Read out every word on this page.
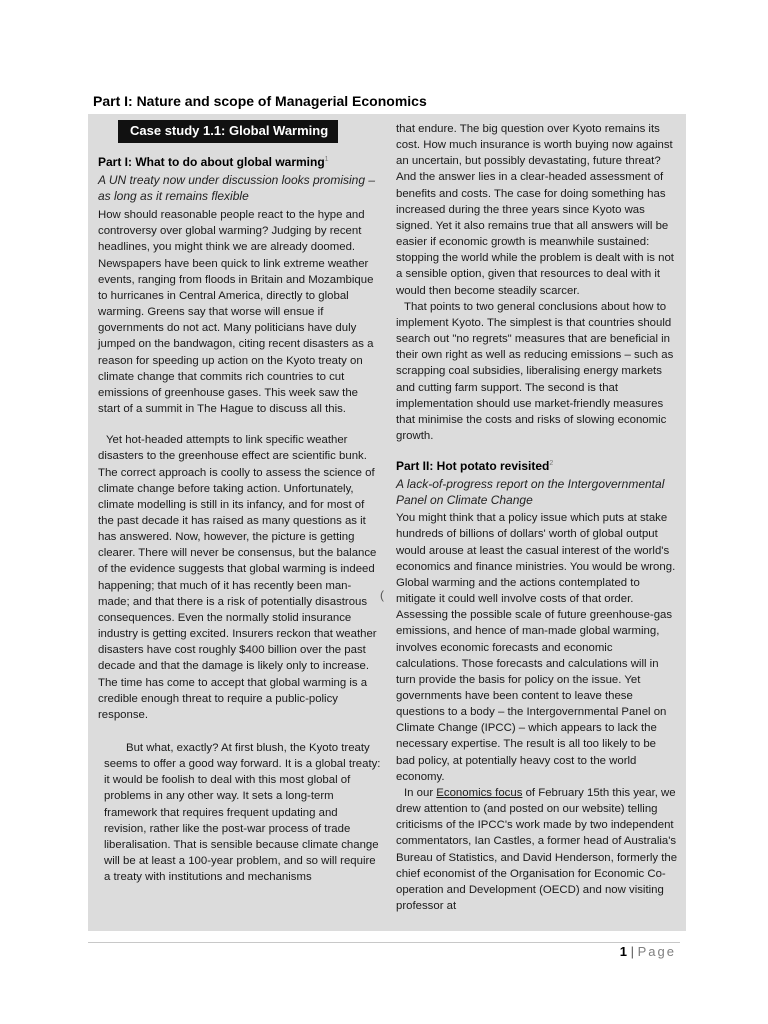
Part I: Nature and scope of Managerial Economics
Case study 1.1: Global Warming

Part I: What to do about global warming$^1$

A UN treaty now under discussion looks promising – as long as it remains flexible

How should reasonable people react to the hype and controversy over global warming? Judging by recent headlines, you might think we are already doomed. Newspapers have been quick to link extreme weather events, ranging from floods in Britain and Mozambique to hurricanes in Central America, directly to global warming. Greens say that worse will ensue if governments do not act. Many politicians have duly jumped on the bandwagon, citing recent disasters as a reason for speeding up action on the Kyoto treaty on climate change that commits rich countries to cut emissions of greenhouse gases. This week saw the start of a summit in The Hague to discuss all this.

Yet hot-headed attempts to link specific weather disasters to the greenhouse effect are scientific bunk. The correct approach is coolly to assess the science of climate change before taking action. Unfortunately, climate modelling is still in its infancy, and for most of the past decade it has raised as many questions as it has answered. Now, however, the picture is getting clearer. There will never be consensus, but the balance of the evidence suggests that global warming is indeed happening; that much of it has recently been man-made; and that there is a risk of potentially disastrous consequences. Even the normally stolid insurance industry is getting excited. Insurers reckon that weather disasters have cost roughly $400 billion over the past decade and that the damage is likely only to increase. The time has come to accept that global warming is a credible enough threat to require a public-policy response.

But what, exactly? At first blush, the Kyoto treaty seems to offer a good way forward. It is a global treaty: it would be foolish to deal with this most global of problems in any other way. It sets a long-term framework that requires frequent updating and revision, rather like the post-war process of trade liberalisation. That is sensible because climate change will be at least a 100-year problem, and so will require a treaty with institutions and mechanisms

that endure. The big question over Kyoto remains its cost. How much insurance is worth buying now against an uncertain, but possibly devastating, future threat? And the answer lies in a clear-headed assessment of benefits and costs. The case for doing something has increased during the three years since Kyoto was signed. Yet it also remains true that all answers will be easier if economic growth is meanwhile sustained: stopping the world while the problem is dealt with is not a sensible option, given that resources to deal with it would then become steadily scarcer.

That points to two general conclusions about how to implement Kyoto. The simplest is that countries should search out "no regrets" measures that are beneficial in their own right as well as reducing emissions – such as scrapping coal subsidies, liberalising energy markets and cutting farm support. The second is that implementation should use market-friendly measures that minimise the costs and risks of slowing economic growth.

Part II: Hot potato revisited$^2$

A lack-of-progress report on the Intergovernmental Panel on Climate Change

You might think that a policy issue which puts at stake hundreds of billions of dollars' worth of global output would arouse at least the casual interest of the world's economics and finance ministries. You would be wrong. Global warming and the actions contemplated to mitigate it could well involve costs of that order. Assessing the possible scale of future greenhouse-gas emissions, and hence of man-made global warming, involves economic forecasts and economic calculations. Those forecasts and calculations will in turn provide the basis for policy on the issue. Yet governments have been content to leave these questions to a body – the Intergovernmental Panel on Climate Change (IPCC) – which appears to lack the necessary expertise. The result is all too likely to be bad policy, at potentially heavy cost to the world economy.

In our Economics focus of February 15th this year, we drew attention to (and posted on our website) telling criticisms of the IPCC's work made by two independent commentators, Ian Castles, a former head of Australia's Bureau of Statistics, and David Henderson, formerly the chief economist of the Organisation for Economic Co-operation and Development (OECD) and now visiting professor at

(
1 | Page
